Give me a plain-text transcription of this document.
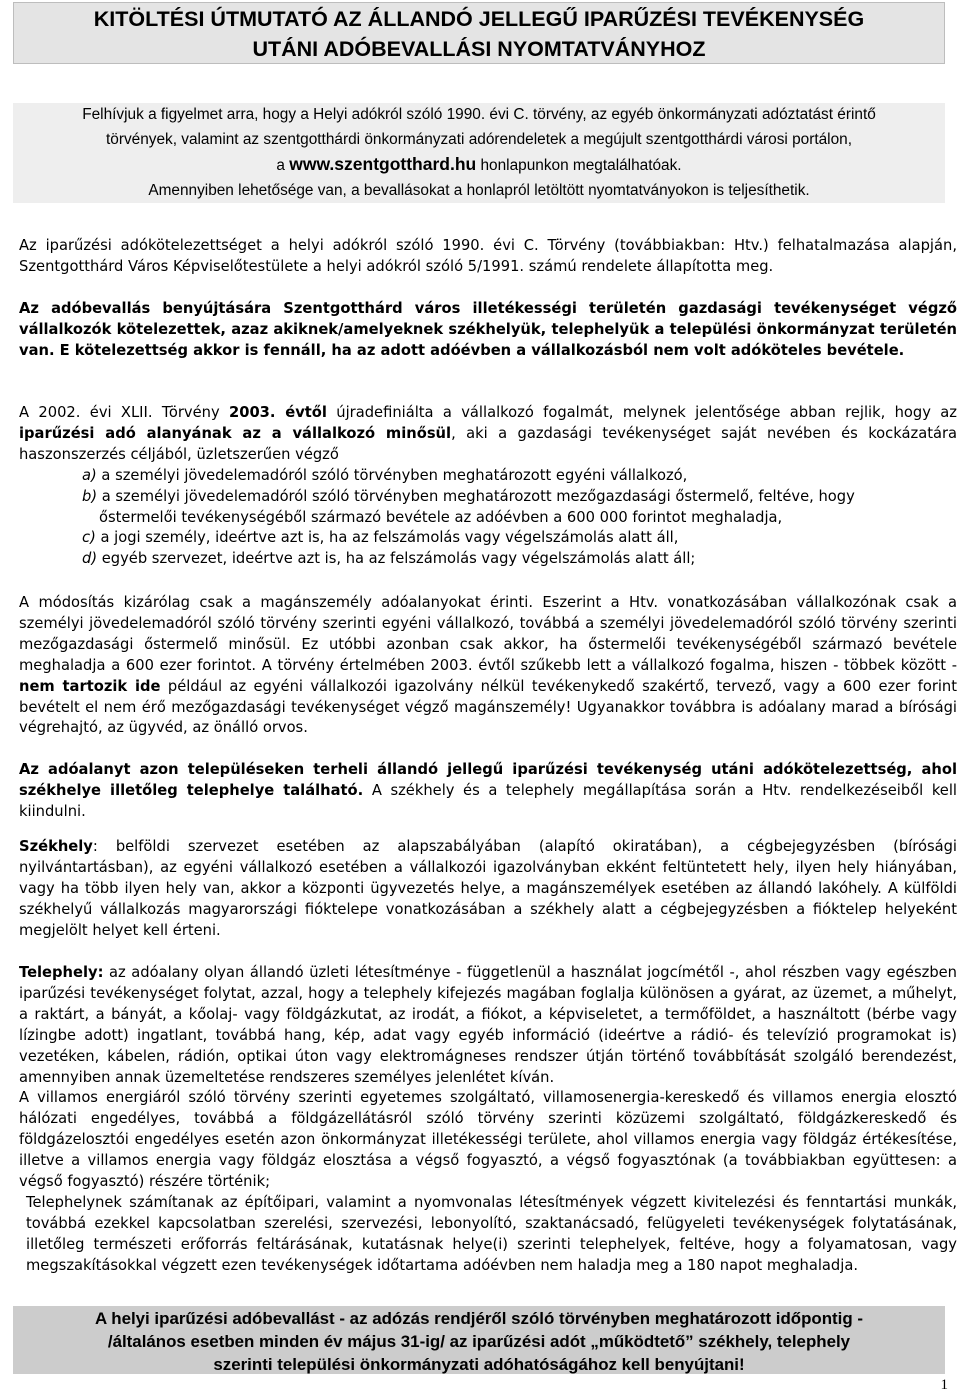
KITÖLTÉSI ÚTMUTATÓ AZ ÁLLANDÓ JELLEGŰ IPARŰZÉSI TEVÉKENYSÉG
UTÁNI ADÓBEVALLÁSI NYOMTATVÁNYHOZ
Felhívjuk a figyelmet arra, hogy a Helyi adókról szóló 1990. évi C. törvény, az egyéb önkormányzati adóztatást érintő
törvények, valamint az szentgotthárdi önkormányzati adórendeletek a megújult szentgotthárdi városi portálon,
a www.szentgotthard.hu honlapunkon megtalálhatóak.
Amennyiben lehetősége van, a bevallásokat a honlapról letöltött nyomtatványokon is teljesíthetik.

Az iparűzési adókötelezettséget a helyi adókról szóló 1990. évi C. Törvény (továbbiakban: Htv.) felhatalmazása alapján, Szentgotthárd Város Képviselőtestülete a helyi adókról szóló 5/1991. számú rendelete állapította meg.

Az adóbevallás benyújtására Szentgotthárd város illetékességi területén gazdasági tevékenységet végző vállalkozók kötelezettek, azaz akiknek/amelyeknek székhelyük, telephelyük a települési önkormányzat területén van. E kötelezettség akkor is fennáll, ha az adott adóévben a vállalkozásból nem volt adóköteles bevétele.

A 2002. évi XLII. Törvény 2003. évtől újradefiniálta a vállalkozó fogalmát, melynek jelentősége abban rejlik, hogy az iparűzési adó alanyának az a vállalkozó minősül, aki a gazdasági tevékenységet saját nevében és kockázatára haszonszerzés céljából, üzletszerűen végző

a) a személyi jövedelemadóról szóló törvényben meghatározott egyéni vállalkozó,
b) a személyi jövedelemadóról szóló törvényben meghatározott mezőgazdasági őstermelő, feltéve, hogy
őstermelői tevékenységéből származó bevétele az adóévben a 600 000 forintot meghaladja,
c) a jogi személy, ideértve azt is, ha az felszámolás vagy végelszámolás alatt áll,
d) egyéb szervezet, ideértve azt is, ha az felszámolás vagy végelszámolás alatt áll;

A módosítás kizárólag csak a magánszemély adóalanyokat érinti. Eszerint a Htv. vonatkozásában vállalkozónak csak a személyi jövedelemadóról szóló törvény szerinti egyéni vállalkozó, továbbá a személyi jövedelemadóról szóló törvény szerinti mezőgazdasági őstermelő minősül. Ez utóbbi azonban csak akkor, ha őstermelői tevékenységéből származó bevétele meghaladja a 600 ezer forintot. A törvény értelmében 2003. évtől szűkebb lett a vállalkozó fogalma, hiszen - többek között - nem tartozik ide például az egyéni vállalkozói igazolvány nélkül tevékenykedő szakértő, tervező, vagy a 600 ezer forint bevételt el nem érő mezőgazdasági tevékenységet végző magánszemély! Ugyanakkor továbbra is adóalany marad a bírósági végrehajtó, az ügyvéd, az önálló orvos.

Az adóalanyt azon településeken terheli állandó jellegű iparűzési tevékenység utáni adókötelezettség, ahol székhelye illetőleg telephelye található. A székhely és a telephely megállapítása során a Htv. rendelkezéseiből kell kiindulni.

Székhely: belföldi szervezet esetében az alapszabályában (alapító okiratában), a cégbejegyzésben (bírósági nyilvántartásban), az egyéni vállalkozó esetében a vállalkozói igazolványban ekként feltüntetett hely, ilyen hely hiányában, vagy ha több ilyen hely van, akkor a központi ügyvezetés helye, a magánszemélyek esetében az állandó lakóhely. A külföldi székhelyű vállalkozás magyarországi fióktelepe vonatkozásában a székhely alatt a cégbejegyzésben a fióktelep helyeként megjelölt helyet kell érteni.

Telephely: az adóalany olyan állandó üzleti létesítménye - függetlenül a használat jogcímétől -, ahol részben vagy egészben iparűzési tevékenységet folytat, azzal, hogy a telephely kifejezés magában foglalja különösen a gyárat, az üzemet, a műhelyt, a raktárt, a bányát, a kőolaj- vagy földgázkutat, az irodát, a fiókot, a képviseletet, a termőföldet, a használtott (bérbe vagy lízingbe adott) ingatlant, továbbá hang, kép, adat vagy egyéb információ (ideértve a rádió- és televízió programokat is) vezetéken, kábelen, rádión, optikai úton vagy elektromágneses rendszer útján történő továbbítását szolgáló berendezést, amennyiben annak üzemeltetése rendszeres személyes jelenlétet kíván.

A villamos energiáról szóló törvény szerinti egyetemes szolgáltató, villamosenergia-kereskedő és villamos energia elosztó hálózati engedélyes, továbbá a földgázellátásról szóló törvény szerinti közüzemi szolgáltató, földgázkereskedő és földgázelosztói engedélyes esetén azon önkormányzat illetékességi területe, ahol villamos energia vagy földgáz értékesítése, illetve a villamos energia vagy földgáz elosztása a végső fogyasztó, a végső fogyasztónak (a továbbiakban együttesen: a végső fogyasztó) részére történik;

Telephelynek számítanak az építőipari, valamint a nyomvonalas létesítmények végzett kivitelezési és fenntartási munkák, továbbá ezekkel kapcsolatban szerelési, szervezési, lebonyolító, szaktanácsadó, felügyeleti tevékenységek folytatásának, illetőleg természeti erőforrás feltárásának, kutatásnak helye(i) szerinti telephelyek, feltéve, hogy a folyamatosan, vagy megszakításokkal végzett ezen tevékenységek időtartama adóévben nem haladja meg a 180 napot meghaladja.

A helyi iparűzési adóbevallást - az adózás rendjéről szóló törvényben meghatározott időpontig -
/általános esetben minden év május 31-ig/ az iparűzési adót „működtető” székhely, telephely
szerinti települési önkormányzati adóhatóságához kell benyújtani!
1
